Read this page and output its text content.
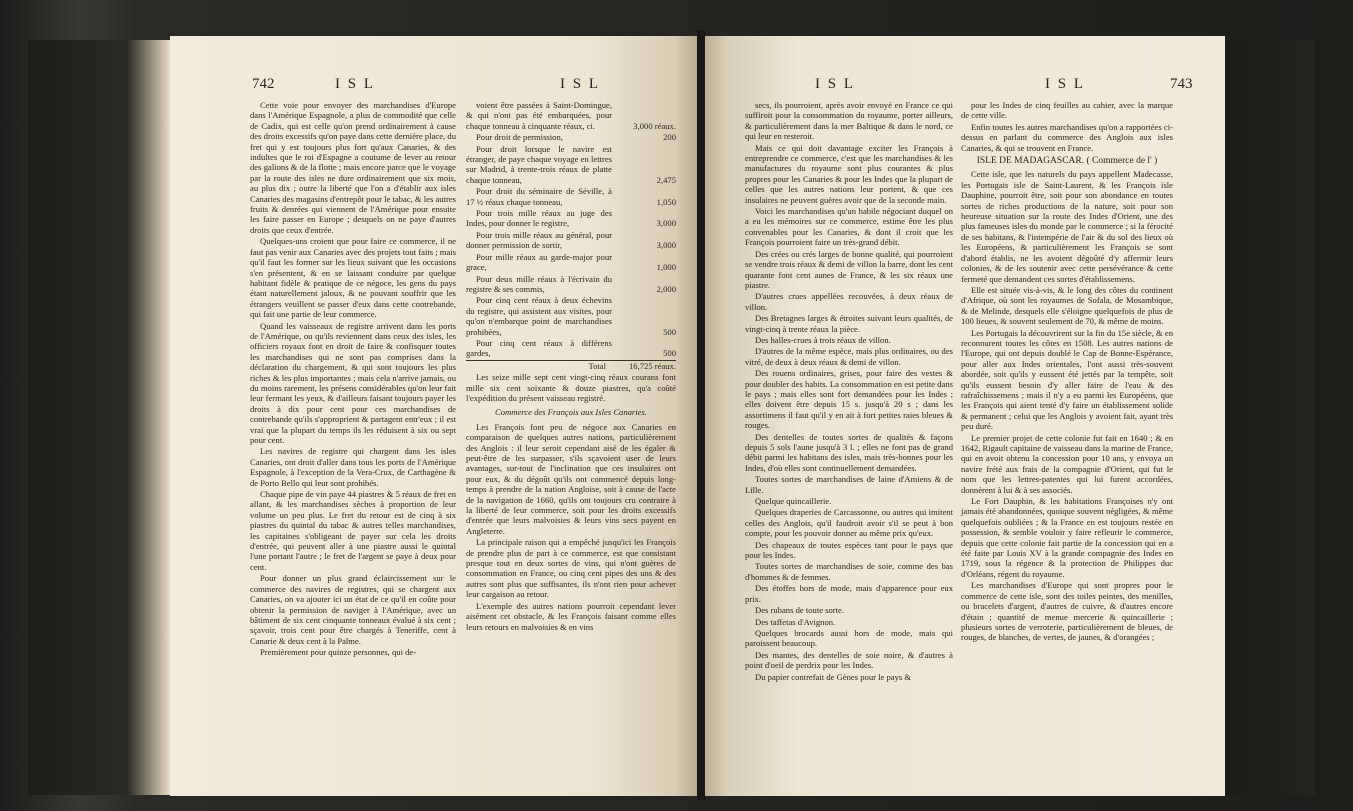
742	I S L	I S L

Cette voie pour envoyer des marchandises d'Europe dans l'Amérique Espagnole, a plus de commodité que celle de Cadix, qui est celle qu'on prend ordinairement à cause des droits excessifs qu'on paye dans cette dernière place, du fret qui y est toujours plus fort qu'aux Canaries, & des indultes que le roi d'Espagne a coutume de lever au retour des galions & de la flotte ; mais encore parce que le voyage par la route des isles ne dure ordinairement que six mois, au plus dix ; outre la liberté que l'on a d'établir aux isles Canaries des magasins d'entrepôt pour le tabac, & les autres fruits & denrées qui viennent de l'Amérique pour ensuite les faire passer en Europe ; desquels on ne paye d'autres droits que ceux d'entrée.

Quelques-uns croient que pour faire ce commerce, il ne faut pas venir aux Canaries avec des projets tout faits ; mais qu'il faut les former sur les lieux suivant que les occasions s'en présentent, & en se laissant conduire par quelque habitant fidèle & pratique de ce négoce, les gens du pays étant naturellement jaloux, & ne pouvant souffrir que les étrangers veuillent se passer d'eux dans cette contrebande, qui fait une partie de leur commerce.

Quand les vaisseaux de registre arrivent dans les ports de l'Amérique, ou qu'ils reviennent dans ceux des isles, les officiers royaux font en droit de faire & confisquer toutes les marchandises qui ne sont pas comprises dans la déclaration du chargement, & qui sont toujours les plus riches & les plus importantes ; mais cela n'arrive jamais, ou du moins rarement, les présens considérables qu'on leur fait leur fermant les yeux, & d'ailleurs faisant toujours payer les droits à dix pour cent pour ces marchandises de contrebande qu'ils s'approprient & partagent entr'eux ; il est vrai que la plupart du temps ils les réduisent à six ou sept pour cent.

Les navires de registre qui chargent dans les isles Canaries, ont droit d'aller dans tous les ports de l'Amérique Espagnole, à l'exception de la Vera-Crux, de Carthagène & de Porto Bello qui leur sont prohibés.

Chaque pipe de vin paye 44 piastres & 5 réaux de fret en allant, & les marchandises sèches à proportion de leur volume un peu plus. Le fret du retour est de cinq à six piastres du quintal du tabac & autres telles marchandises, les capitaines s'obligeant de payer sur cela les droits d'entrée, qui peuvent aller à une piastre aussi le quintal l'une portant l'autre ; le fret de l'argent se paye à deux pour cent.

Pour donner un plus grand éclaircissement sur le commerce des navires de registres, qui se chargent aux Canaries, on va ajouter ici un état de ce qu'il en coûte pour obtenir la permission de naviger à l'Amérique, avec un bâtiment de six cent cinquante tonneaux évalué à six cent ; sçavoir, trois cent pour être chargés à Teneriffe, cent à Canarie & deux cent à la Palme.

Premièrement pour quinze personnes, qui de-

voient être passées à Saint-Domingue, & qui n'ont pas été embarquées, pour chaque tonneau à cinquante réaux, ci.	3,000 réaux.
Pour droit de permission,	200
Pour droit lorsque le navire est étranger, de paye chaque voyage en lettres sur Madrid, à trente-trois réaux de platte chaque tonneau,	2,475
Pour droit du séminaire de Séville, à 17 ½ réaux chaque tonneau,	1,050
Pour trois mille réaux au juge des Indes, pour donner le registre,	3,000
Pour trois mille réaux au général, pour donner permission de sortir,	3,000
Pour mille réaux au garde-major pour grace,	1,000
Pour deux mille réaux à l'écrivain du registre & ses commis,	2,000
Pour cinq cent réaux à deux échevins du registre, qui assistent aux visites, pour qu'on n'embarque point de marchandises prohibées,	500
Pour cinq cent réaux à différens gardes,	500
Total	16,725 réaux.

Les seize mille sept cent vingt-cinq réaux courans font mille six cent soixante & douze piastres, qu'a coûté l'expédition du présent vaisseau registré.

Commerce des François aux Isles Canaries.

Les François font peu de négoce aux Canaries en comparaison de quelques autres nations, particulièrement des Anglois : il leur seroit cependant aisé de les égaler & peut-être de les surpasser, s'ils sçavoient user de leurs avantages, sur-tout de l'inclination que ces insulaires ont pour eux, & du dégoût qu'ils ont commencé depuis long-temps à prendre de la nation Angloise, soit à cause de l'acte de la navigation de 1660, qu'ils ont toujours cru contraire à la liberté de leur commerce, soit pour les droits excessifs d'entrée que leurs malvoisies & leurs vins secs payent en Angleterre.

La principale raison qui a empêché jusqu'ici les François de prendre plus de part à ce commerce, est que consistant presque tout en deux sortes de vins, qui n'ont guères de consommation en France, ou cinq cent pipes des uns & des autres sont plus que suffisantes, ils n'ont rien pour achever leur cargaison au retour.

L'exemple des autres nations pourroit cependant lever aisément cet obstacle, & les François faisant comme elles leurs retours en malvoisies & en vins

I S L	I S L	743

secs, ils pourroient, après avoir envoyé en France ce qui suffiroit pour la consommation du royaume, porter ailleurs, & particulièrement dans la mer Baltique & dans le nord, ce qui leur en resteroit.

Mais ce qui doit davantage exciter les François à entreprendre ce commerce, c'est que les marchandises & les manufactures du royaume sont plus courantes & plus propres pour les Canaries & pour les Indes que la plupart de celles que les autres nations leur portent, & que ces insulaires ne peuvent guères avoir que de la seconde main.

Voici les marchandises qu'un habile négociant duquel on a eu les mémoires sur ce commerce, estime être les plus convenables pour les Canaries, & dont il croit que les François pourroient faire un très-grand débit.

Des crées ou crés larges de bonne qualité, qui pourroient se vendre trois réaux & demi de villon la barre, dont les cent quarante font cent aunes de France, & les six réaux une piastre.

D'autres crues appellées recouvées, à deux réaux de villon.

Des Bretagnes larges & étroites suivant leurs qualités, de vingt-cinq à trente réaux la pièce.

Des halles-crues à trois réaux de villon.

D'autres de la même espèce, mais plus ordinaires, ou des vitré, de deux à deux réaux & demi de villon.

Des rouens ordinaires, grises, pour faire des vestes & pour doubler des habits. La consommation en est petite dans le pays ; mais elles sont fort demandées pour les Indes ; elles doivent être depuis 15 s. jusqu'à 20 s ; dans les assortimens il faut qu'il y en ait à fort petites raies bleues & rouges.

Des dentelles de toutes sortes de qualités & façons depuis 5 sols l'aune jusqu'à 3 l. ; elles ne font pas de grand débit parmi les habitans des isles, mais très-bonnes pour les Indes, d'où elles sont continuellement demandées.

Toutes sortes de marchandises de laine d'Amiens & de Lille.

Quelque quincaillerie.

Quelques draperies de Carcassonne, ou autres qui imitent celles des Anglois, qu'il faudroit avoir s'il se peut à bon compte, pour les pouvoir donner au même prix qu'eux.

Des chapeaux de toutes espèces tant pour le pays que pour les Indes.

Toutes sortes de marchandises de soie, comme des bas d'hommes & de femmes.

Des étoffes hors de mode, mais d'apparence pour eux prix.

Des rubans de toute sorte.

Des taffetas d'Avignon.

Quelques brocards aussi hors de mode, mais qui paroissent beaucoup.

Des mantes, des dentelles de soie noire, & d'autres à point d'oeil de perdrix pour les Indes.

Du papier contrefait de Gènes pour le pays &

pour les Indes de cinq feuilles au cahier, avec la marque de cette ville.

Enfin toutes les autres marchandises qu'on a rapportées ci-dessus en parlant du commerce des Anglois aux isles Canaries, & qui se trouvent en France.

ISLE DE MADAGASCAR. ( Commerce de l' )

Cette isle, que les naturels du pays appellent Madecasse, les Portugais isle de Saint-Laurent, & les François isle Dauphine, pourroit être, soit pour son abondance en toutes sortes de riches productions de la nature, soit pour son heureuse situation sur la route des Indes d'Orient, une des plus fameuses isles du monde par le commerce ; si la férocité de ses habitans, & l'intempérie de l'air & du sol des lieux où les Européens, & particulièrement les François se sont d'abord établis, ne les avoient dégoûté d'y affermir leurs colonies, & de les soutenir avec cette persévérance & cette fermeté que demandent ces sortes d'établissemens.

Elle est située vis-à-vis, & le long des côtes du continent d'Afrique, où sont les royaumes de Sofala, de Mosambique, & de Melinde, desquels elle s'éloigne quelquefois de plus de 100 lieues, & souvent seulement de 70, & même de moins.

Les Portugais la découvrirent sur la fin du 15e siècle, & en reconnurent toutes les côtes en 1508. Les autres nations de l'Europe, qui ont depuis doublé le Cap de Bonne-Espérance, pour aller aux Indes orientales, l'ont aussi très-souvent abordée, soit qu'ils y eussent été jettés par la tempête, soit qu'ils eussent besoin d'y aller faire de l'eau & des rafraîchissemens ; mais il n'y a eu parmi les Européens, que les François qui aient tenté d'y faire un établissement solide & permanent ; celui que les Anglois y avoient fait, ayant très peu duré.

Le premier projet de cette colonie fut fait en 1640 ; & en 1642, Rigault capitaine de vaisseau dans la marine de France, qui en avoit obtenu la concession pour 10 ans, y envoya un navire frété aux frais de la compagnie d'Orient, qui fut le nom que les lettres-patentes qui lui furent accordées, donnèrent à lui & à ses associés.

Le Fort Dauphin, & les habitations Françoises n'y ont jamais été abandonnées, quoique souvent négligées, & même quelquefois oubliées ; & la France en est toujours restée en possession, & semble vouloir y faire refleurir le commerce, depuis que cette colonie fait partie de la concession qui en a été faite par Louis XV à la grande compagnie des Indes en 1719, sous la régence & la protection de Philippes duc d'Orléans, régent du royaume.

Les marchandises d'Europe qui sont propres pour le commerce de cette isle, sont des toiles peintes, des menilles, ou bracelets d'argent, d'autres de cuivre, & d'autres encore d'étain ; quantité de menue mercerie & quincaillerie ; plusieurs sortes de verroterie, particulièrement de bleues, de rouges, de blanches, de vertes, de jaunes, & d'orangées ;
